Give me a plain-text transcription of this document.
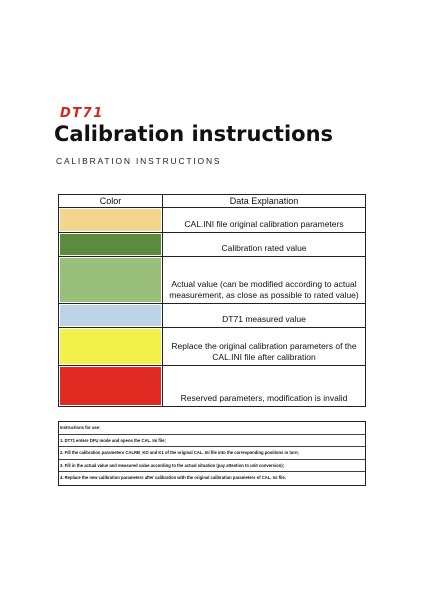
DT71
Calibration instructions
CALIBRATION INSTRUCTIONS
Color	Data Explanation
CAL.INI file original calibration parameters
Calibration rated value
Actual value (can be modified according to actual measurement, as close as possible to rated value)
DT71 measured value
Replace the original calibration parameters of the CAL.INI file after calibration
Reserved parameters, modification is invalid
Instructions for use:
1. DT71 enters DFU mode and opens the CAL. Ini file;
2. Fill the calibration parameters CALRB_KO and K1 of the original CAL. Ini file into the corresponding positions in turn;
3. Fill in the actual value and measured value according to the actual situation (pay attention to unit conversion);
4. Replace the new calibration parameters after calibration with the original calibration parameters of CAL. Ini file.
